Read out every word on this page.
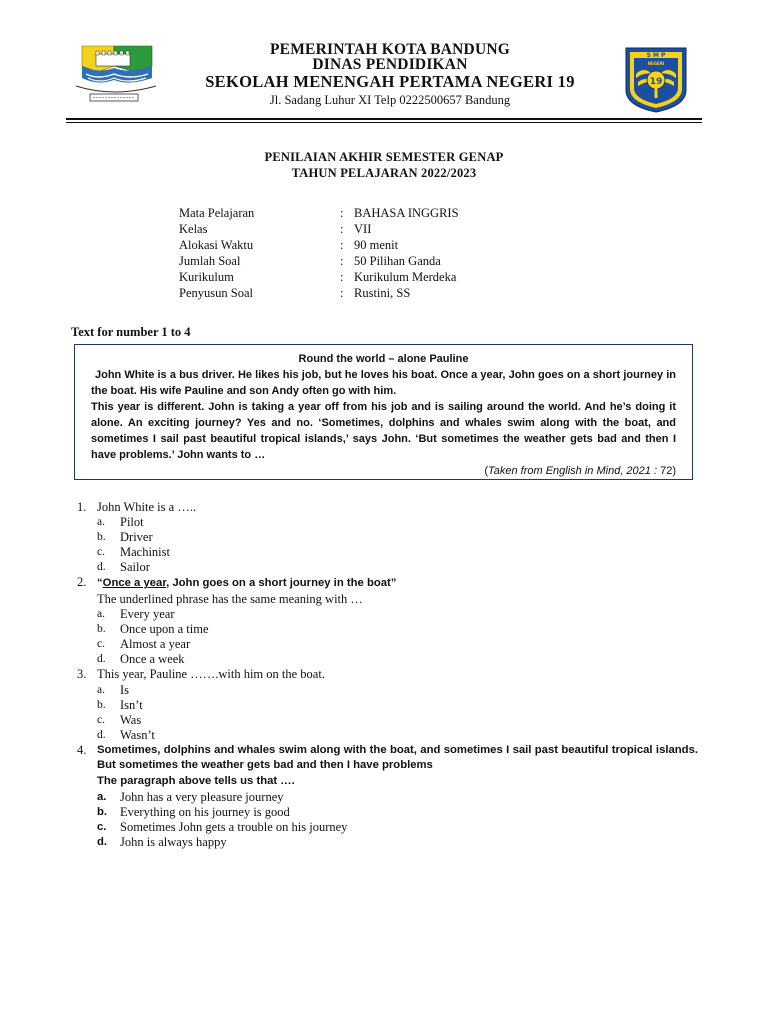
PEMERINTAH KOTA BANDUNG
DINAS PENDIDIKAN
SEKOLAH MENENGAH PERTAMA NEGERI 19
Jl. Sadang Luhur XI Telp 0222500657 Bandung
S M P
NEGERI
19
PENILAIAN AKHIR SEMESTER GENAP
TAHUN PELAJARAN 2022/2023
Mata Pelajaran	: BAHASA INGGRIS
Kelas	: VII
Alokasi Waktu	: 90 menit
Jumlah Soal	: 50 Pilihan Ganda
Kurikulum	: Kurikulum Merdeka
Penyusun Soal	: Rustini, SS
Text for number 1 to 4
Round the world – alone Pauline
John White is a bus driver. He likes his job, but he loves his boat. Once a year, John goes on a short journey in the boat. His wife Pauline and son Andy often go with him.
This year is different. John is taking a year off from his job and is sailing around the world. And he’s doing it alone. An exciting journey? Yes and no. ‘Sometimes, dolphins and whales swim along with the boat, and sometimes I sail past beautiful tropical islands,’ says John. ‘But sometimes the weather gets bad and then I have problems.’ John wants to …
(Taken from English in Mind, 2021 : 72)
1. John White is a …..
a. Pilot
b. Driver
c. Machinist
d. Sailor
2. “Once a year, John goes on a short journey in the boat”
The underlined phrase has the same meaning with …
a. Every year
b. Once upon a time
c. Almost a year
d. Once a week
3. This year, Pauline …….with him on the boat.
a. Is
b. Isn’t
c. Was
d. Wasn’t
4. Sometimes, dolphins and whales swim along with the boat, and sometimes I sail past beautiful tropical islands. But sometimes the weather gets bad and then I have problems
The paragraph above tells us that ….
a. John has a very pleasure journey
b. Everything on his journey is good
c. Sometimes John gets a trouble on his journey
d. John is always happy
